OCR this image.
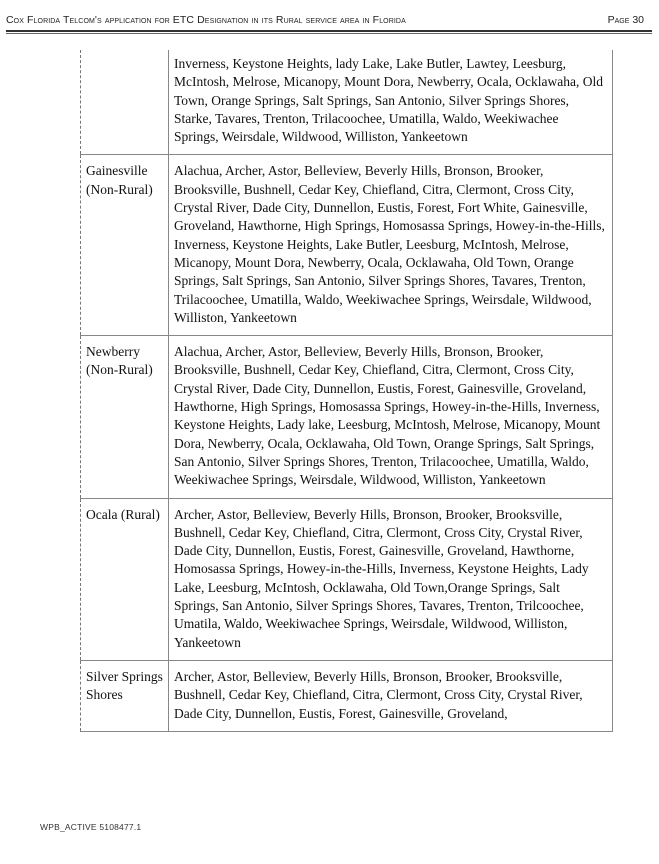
Cox Florida Telcom's application for ETC Designation in its Rural service area in Florida	Page 30
	Inverness, Keystone Heights, lady Lake, Lake Butler, Lawtey, Leesburg, McIntosh, Melrose, Micanopy, Mount Dora, Newberry, Ocala, Ocklawaha, Old Town, Orange Springs, Salt Springs, San Antonio, Silver Springs Shores, Starke, Tavares, Trenton, Trilacoochee, Umatilla, Waldo, Weekiwachee Springs, Weirsdale, Wildwood, Williston, Yankeetown
Gainesville (Non-Rural)	Alachua, Archer, Astor, Belleview, Beverly Hills, Bronson, Brooker, Brooksville, Bushnell, Cedar Key, Chiefland, Citra, Clermont, Cross City, Crystal River, Dade City, Dunnellon, Eustis, Forest, Fort White, Gainesville, Groveland, Hawthorne, High Springs, Homosassa Springs, Howey-in-the-Hills, Inverness, Keystone Heights, Lake Butler, Leesburg, McIntosh, Melrose, Micanopy, Mount Dora, Newberry, Ocala, Ocklawaha, Old Town, Orange Springs, Salt Springs, San Antonio, Silver Springs Shores, Tavares, Trenton, Trilacoochee, Umatilla, Waldo, Weekiwachee Springs, Weirsdale, Wildwood, Williston, Yankeetown
Newberry (Non-Rural)	Alachua, Archer, Astor, Belleview, Beverly Hills, Bronson, Brooker, Brooksville, Bushnell, Cedar Key, Chiefland, Citra, Clermont, Cross City, Crystal River, Dade City, Dunnellon, Eustis, Forest, Gainesville, Groveland, Hawthorne, High Springs, Homosassa Springs, Howey-in-the-Hills, Inverness, Keystone Heights, Lady lake, Leesburg, McIntosh, Melrose, Micanopy, Mount Dora, Newberry, Ocala, Ocklawaha, Old Town, Orange Springs, Salt Springs, San Antonio, Silver Springs Shores, Trenton, Trilacoochee, Umatilla, Waldo, Weekiwachee Springs, Weirsdale, Wildwood, Williston, Yankeetown
Ocala (Rural)	Archer, Astor, Belleview, Beverly Hills, Bronson, Brooker, Brooksville, Bushnell, Cedar Key, Chiefland, Citra, Clermont, Cross City, Crystal River, Dade City, Dunnellon, Eustis, Forest, Gainesville, Groveland, Hawthorne, Homosassa Springs, Howey-in-the-Hills, Inverness, Keystone Heights, Lady Lake, Leesburg, McIntosh, Ocklawaha, Old Town,Orange Springs, Salt Springs, San Antonio, Silver Springs Shores, Tavares, Trenton, Trilcoochee, Umatila, Waldo, Weekiwachee Springs, Weirsdale, Wildwood, Williston, Yankeetown
Silver Springs Shores	Archer, Astor, Belleview, Beverly Hills, Bronson, Brooker, Brooksville, Bushnell, Cedar Key, Chiefland, Citra, Clermont, Cross City, Crystal River, Dade City, Dunnellon, Eustis, Forest, Gainesville, Groveland,
WPB_ACTIVE 5108477.1
